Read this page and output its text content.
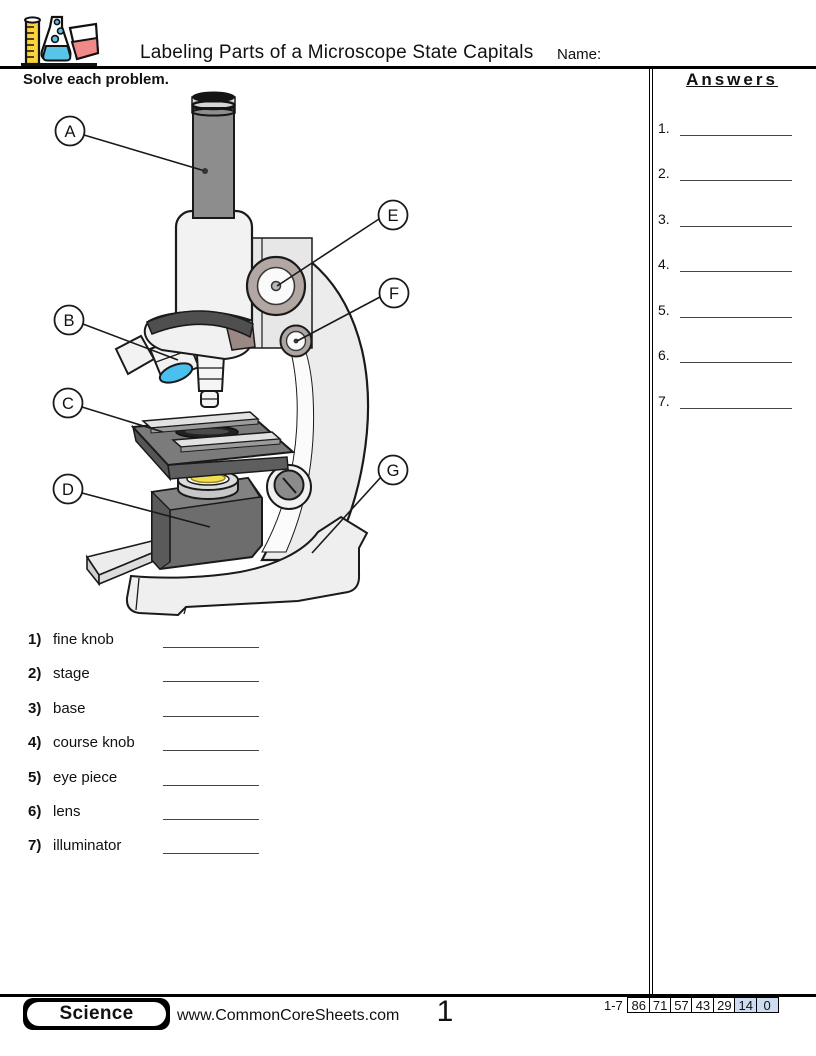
Labeling Parts of a Microscope State Capitals Name:
Solve each problem.	Answers
1.
2.
3.
4.
5.
6.
7.
A
B
C
D
E
F
G
1) fine knob
2) stage
3) base
4) course knob
5) eye piece
6) lens
7) illuminator
Science	www.CommonCoreSheets.com	1	1-7 86 71 57 43 29 14 0
